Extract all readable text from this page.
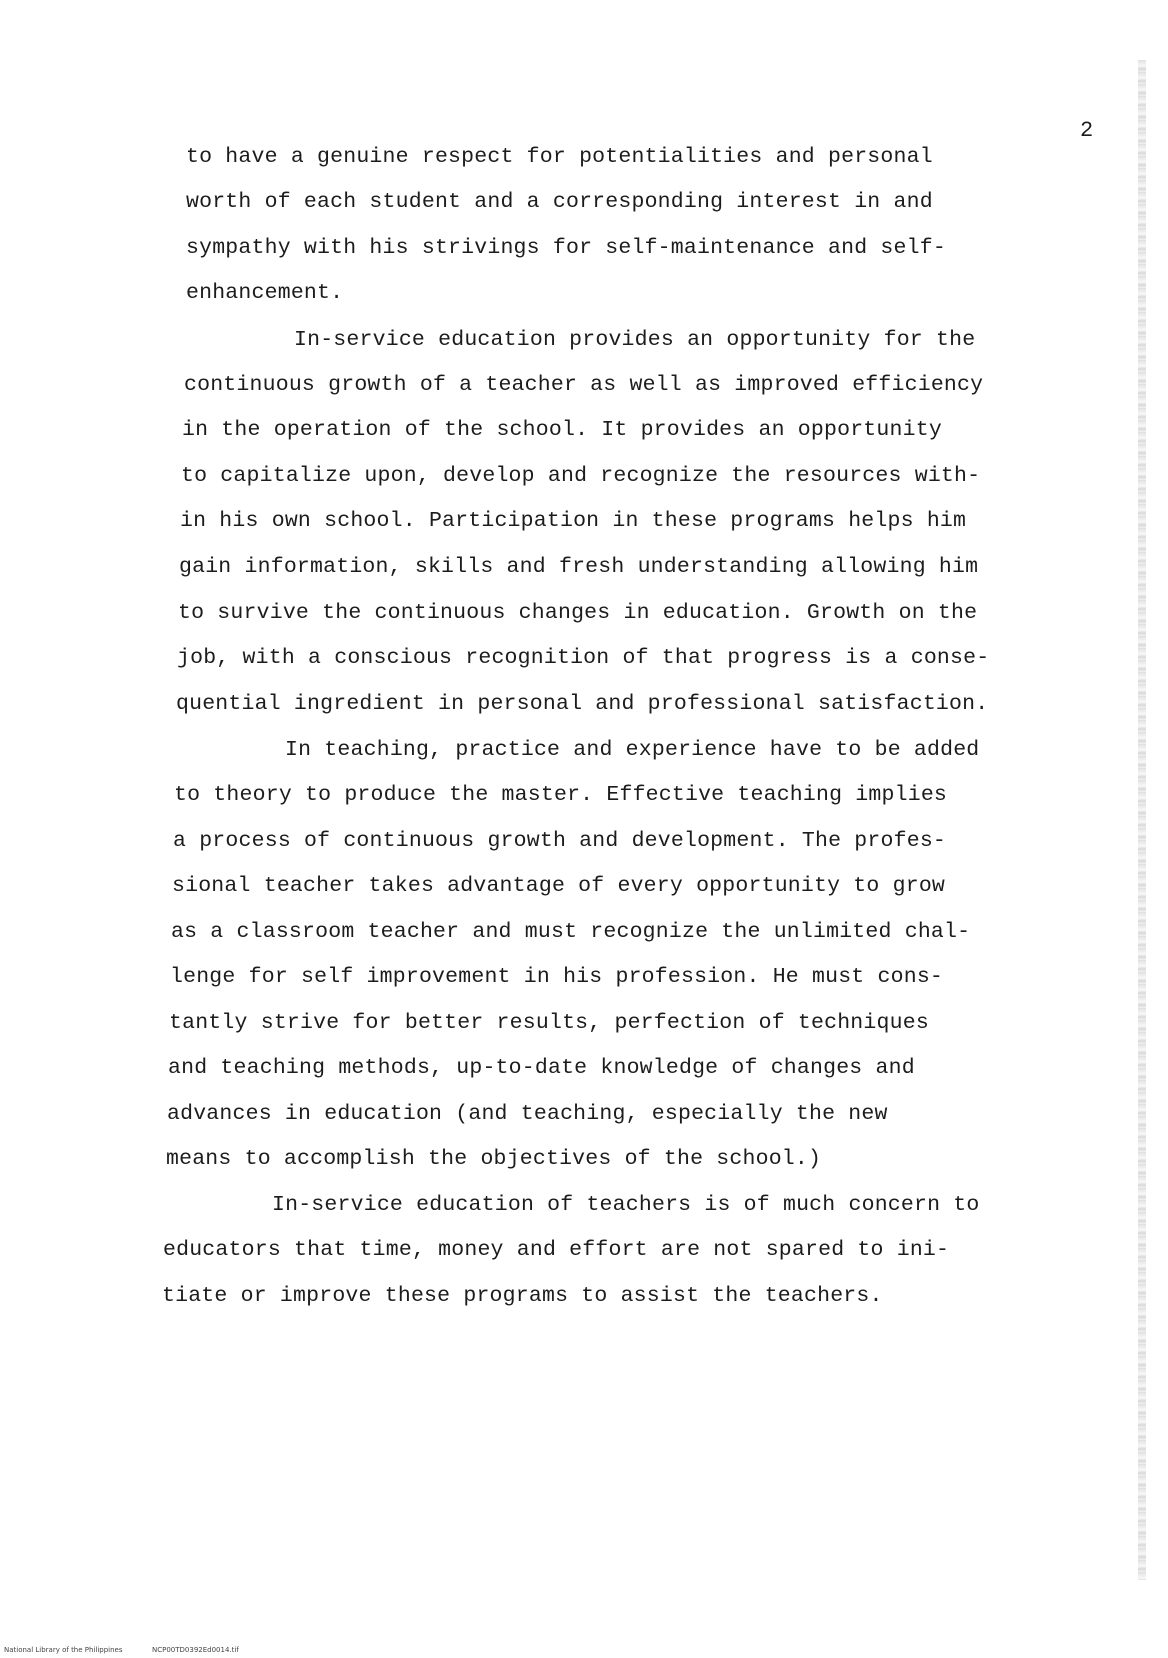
2
to have a genuine respect for potentialities and personal
worth of each student and a corresponding interest in and
sympathy with his strivings for self-maintenance and self-
enhancement.
In-service education provides an opportunity for the
continuous growth of a teacher as well as improved efficiency
in the operation of the school. It provides an opportunity
to capitalize upon, develop and recognize the resources with-
in his own school. Participation in these programs helps him
gain information, skills and fresh understanding allowing him
to survive the continuous changes in education. Growth on the
job, with a conscious recognition of that progress is a conse-
quential ingredient in personal and professional satisfaction.
In teaching, practice and experience have to be added
to theory to produce the master. Effective teaching implies
a process of continuous growth and development. The profes-
sional teacher takes advantage of every opportunity to grow
as a classroom teacher and must recognize the unlimited chal-
lenge for self improvement in his profession. He must cons-
tantly strive for better results, perfection of techniques
and teaching methods, up-to-date knowledge of changes and
advances in education (and teaching, especially the new
means to accomplish the objectives of the school.)
In-service education of teachers is of much concern to
educators that time, money and effort are not spared to ini-
tiate or improve these programs to assist the teachers.
National Library of the Philippines	NCP00TD0392Ed0014.tif
